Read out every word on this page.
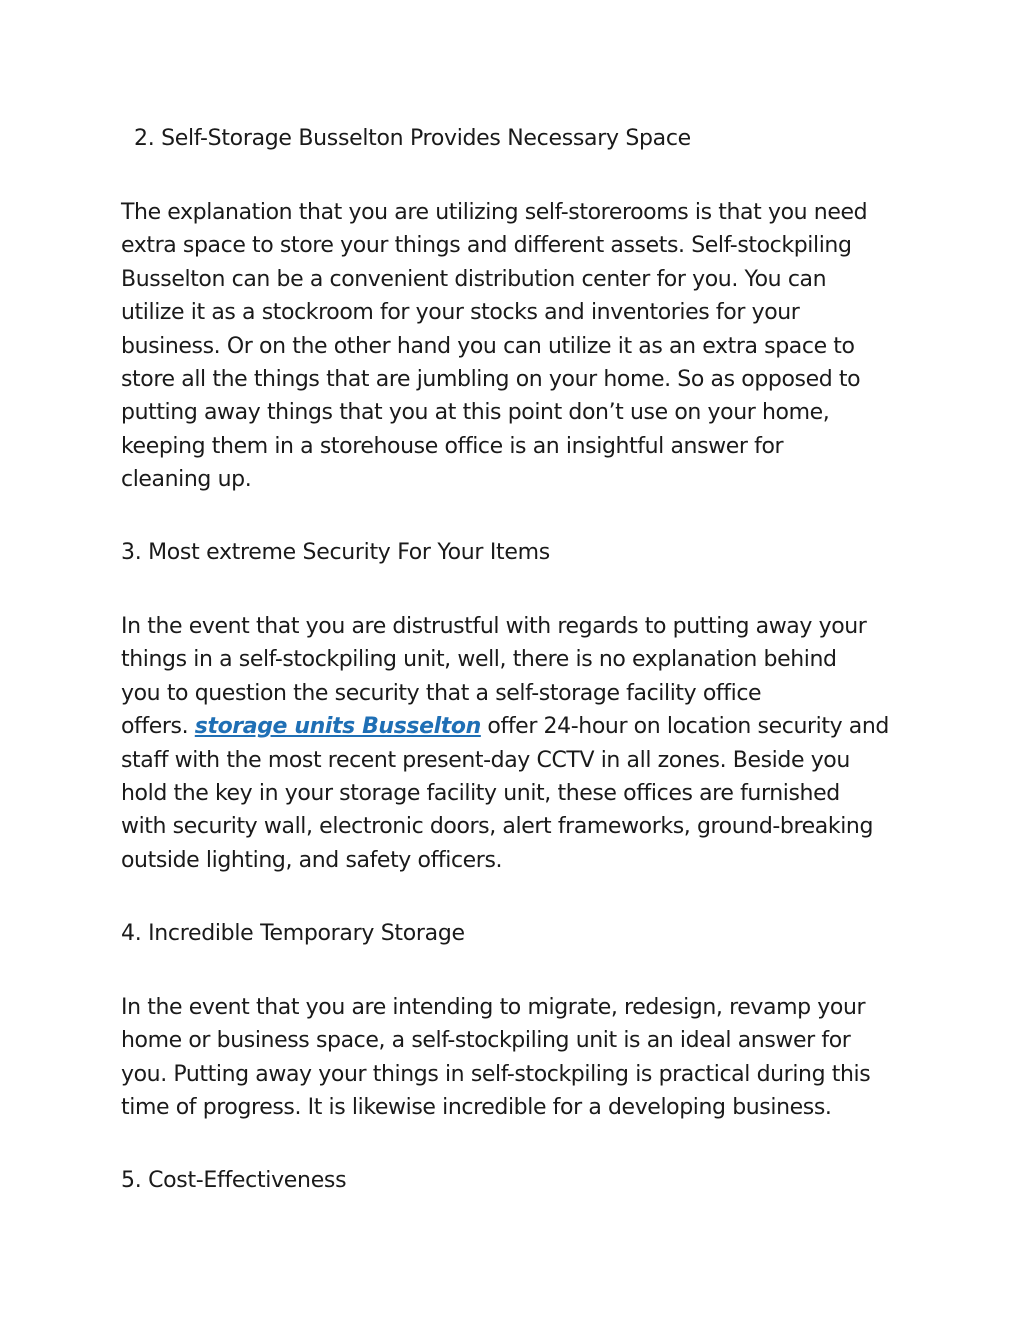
2. Self-Storage Busselton Provides Necessary Space

The explanation that you are utilizing self-storerooms is that you need
extra space to store your things and different assets. Self-stockpiling
Busselton can be a convenient distribution center for you. You can
utilize it as a stockroom for your stocks and inventories for your
business. Or on the other hand you can utilize it as an extra space to
store all the things that are jumbling on your home. So as opposed to
putting away things that you at this point don’t use on your home,
keeping them in a storehouse office is an insightful answer for
cleaning up.

3. Most extreme Security For Your Items

In the event that you are distrustful with regards to putting away your
things in a self-stockpiling unit, well, there is no explanation behind
you to question the security that a self-storage facility office
offers. storage units Busselton offer 24-hour on location security and
staff with the most recent present-day CCTV in all zones. Beside you
hold the key in your storage facility unit, these offices are furnished
with security wall, electronic doors, alert frameworks, ground-breaking
outside lighting, and safety officers.

4. Incredible Temporary Storage

In the event that you are intending to migrate, redesign, revamp your
home or business space, a self-stockpiling unit is an ideal answer for
you. Putting away your things in self-stockpiling is practical during this
time of progress. It is likewise incredible for a developing business.

5. Cost-Effectiveness
